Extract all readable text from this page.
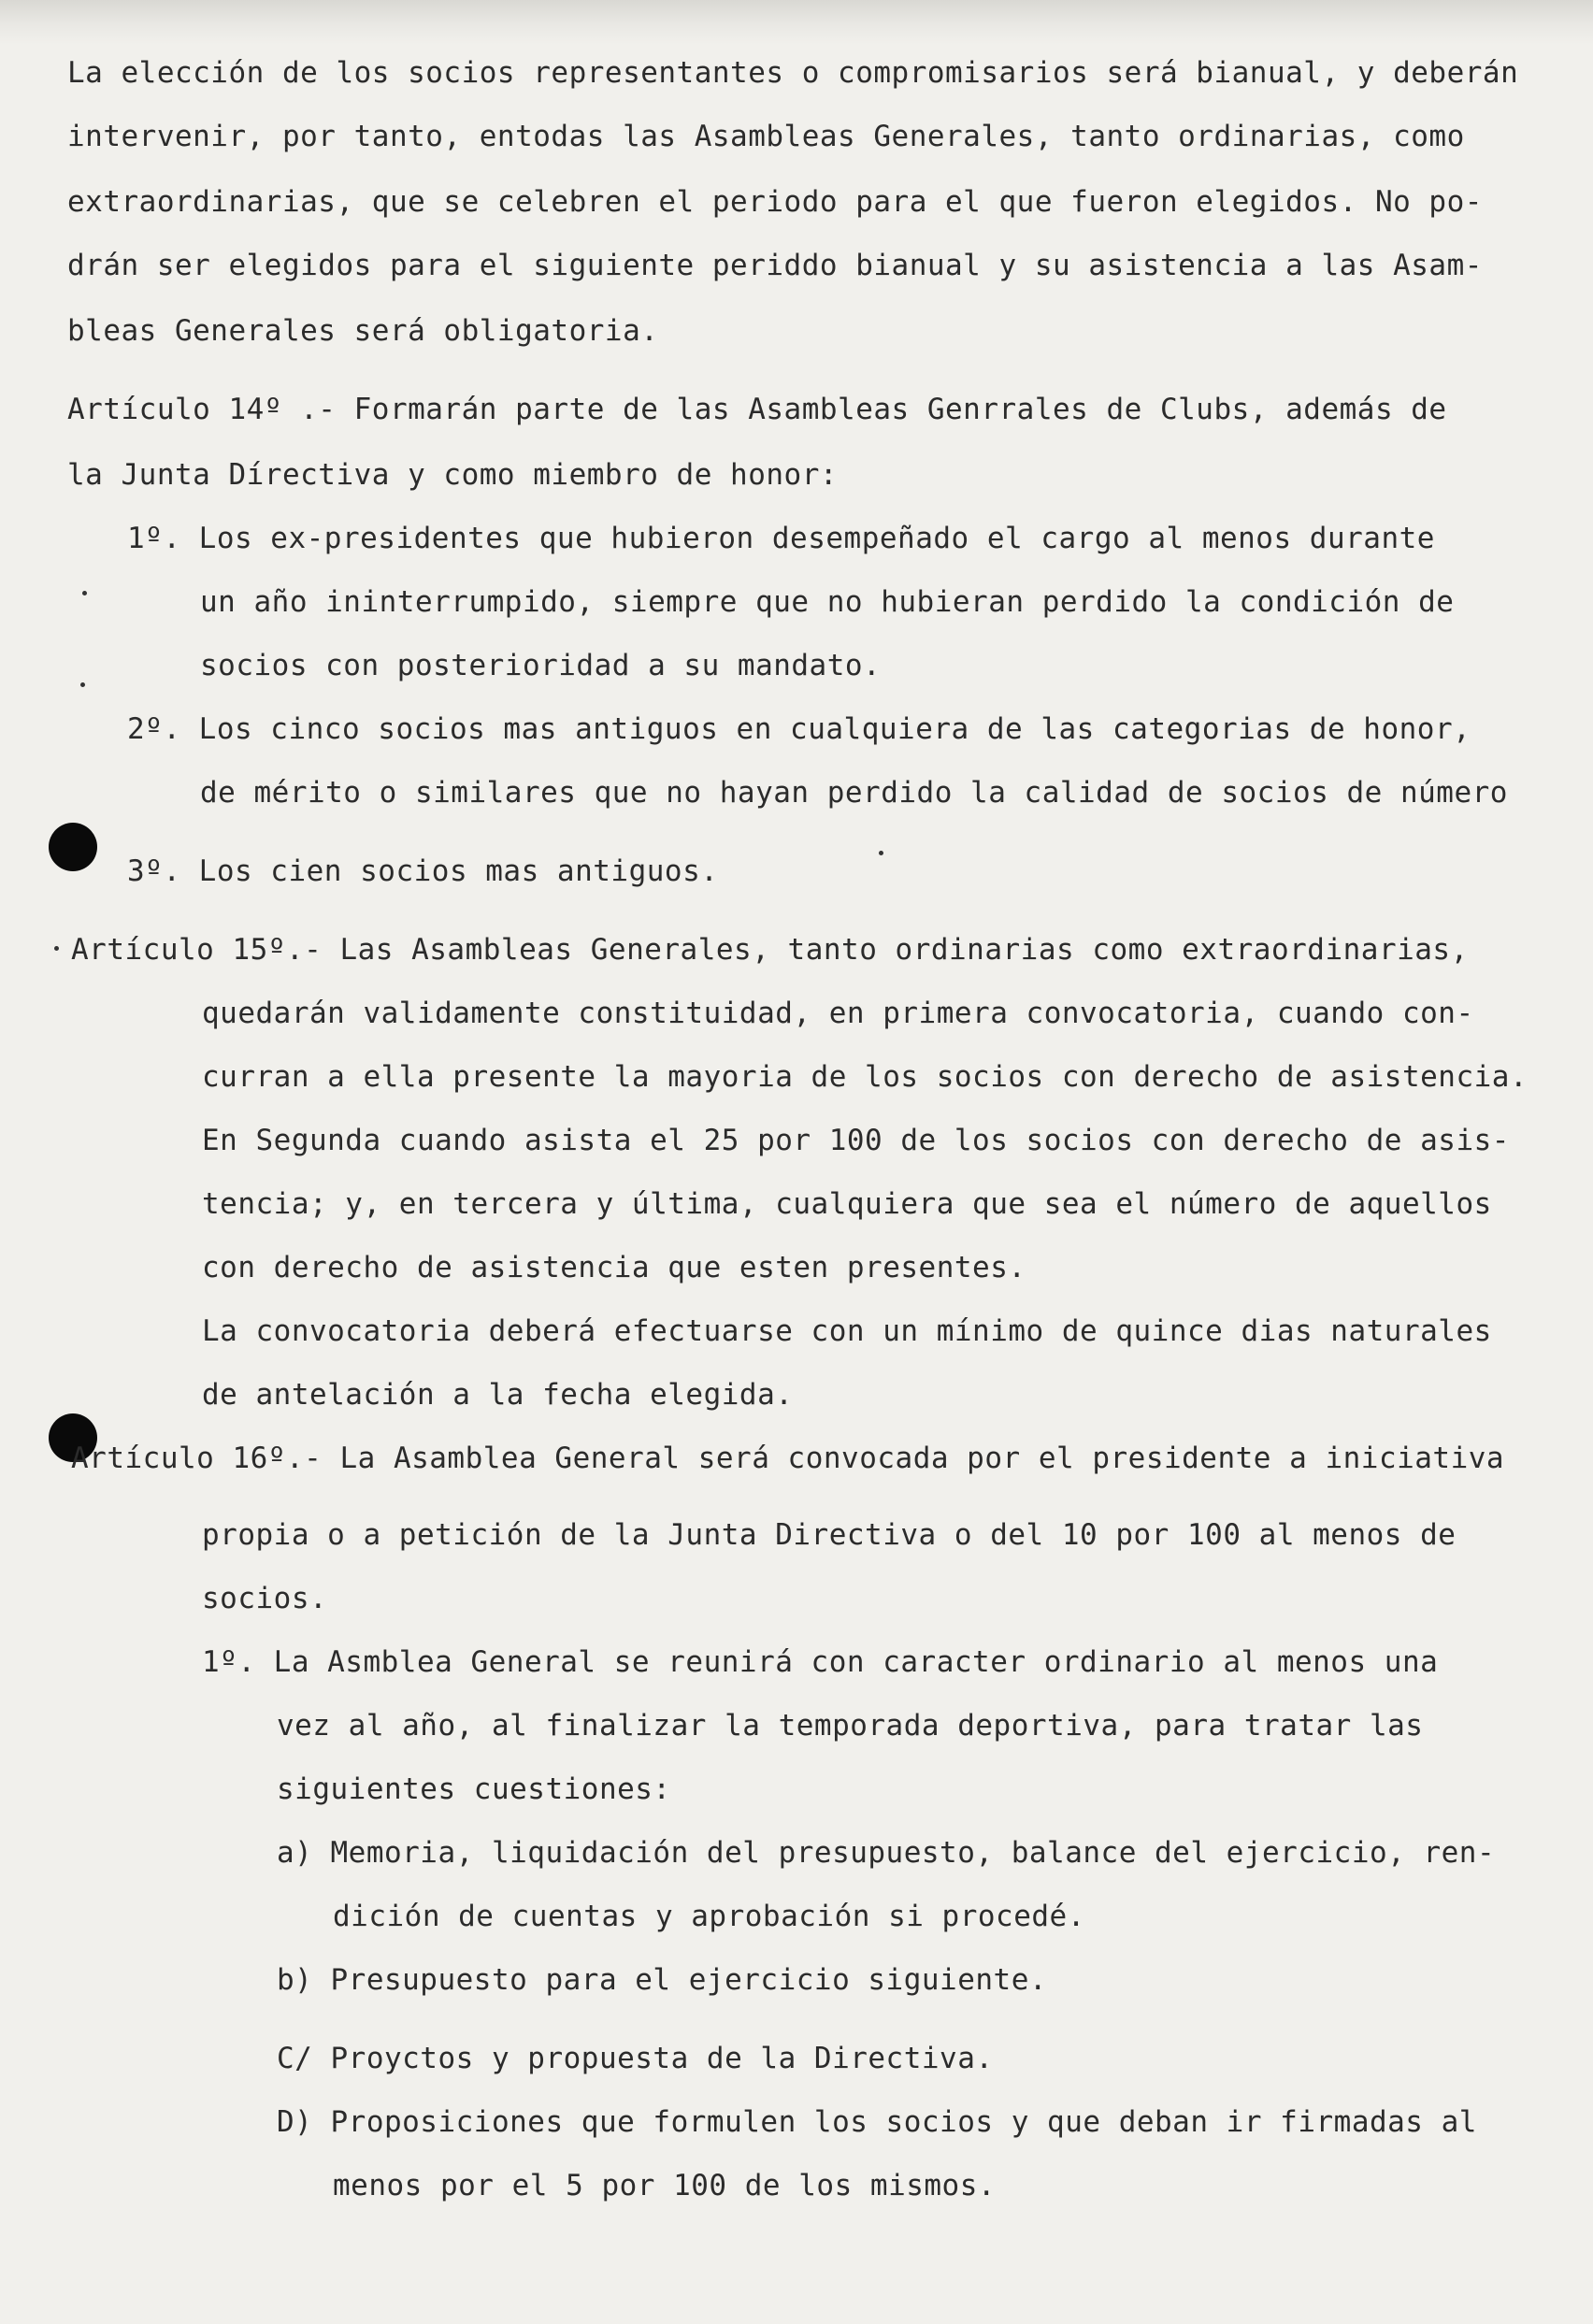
La elección de los socios representantes o compromisarios será bianual, y deberán
intervenir, por tanto, entodas las Asambleas Generales, tanto ordinarias, como
extraordinarias, que se celebren el periodo para el que fueron elegidos. No po-
drán ser elegidos para el siguiente periddo bianual y su asistencia a las Asam-
bleas Generales será obligatoria.
Artículo 14º .- Formarán parte de las Asambleas Genrrales de Clubs, además de
la Junta Dírectiva y como miembro de honor:
1º. Los ex-presidentes que hubieron desempeñado el cargo al menos durante
un año ininterrumpido, siempre que no hubieran perdido la condición de
socios con posterioridad a su mandato.
2º. Los cinco socios mas antiguos en cualquiera de las categorias de honor,
de mérito o similares que no hayan perdido la calidad de socios de número
3º. Los cien socios mas antiguos.
Artículo 15º.- Las Asambleas Generales, tanto ordinarias como extraordinarias,
quedarán validamente constituidad, en primera convocatoria, cuando con-
curran a ella presente la mayoria de los socios con derecho de asistencia.
En Segunda cuando asista el 25 por 100 de los socios con derecho de asis-
tencia; y, en tercera y última, cualquiera que sea el número de aquellos
con derecho de asistencia que esten presentes.
La convocatoria deberá efectuarse con un mínimo de quince dias naturales
de antelación a la fecha elegida.
Artículo 16º.- La Asamblea General será convocada por el presidente a iniciativa
propia o a petición de la Junta Directiva o del 10 por 100 al menos de
socios.
1º. La Asmblea General se reunirá con caracter ordinario al menos una
vez al año, al finalizar la temporada deportiva, para tratar las
siguientes cuestiones:
a) Memoria, liquidación del presupuesto, balance del ejercicio, ren-
dición de cuentas y aprobación si procedé.
b) Presupuesto para el ejercicio siguiente.
C/ Proyctos y propuesta de la Directiva.
D) Proposiciones que formulen los socios y que deban ir firmadas al
menos por el 5 por 100 de los mismos.
